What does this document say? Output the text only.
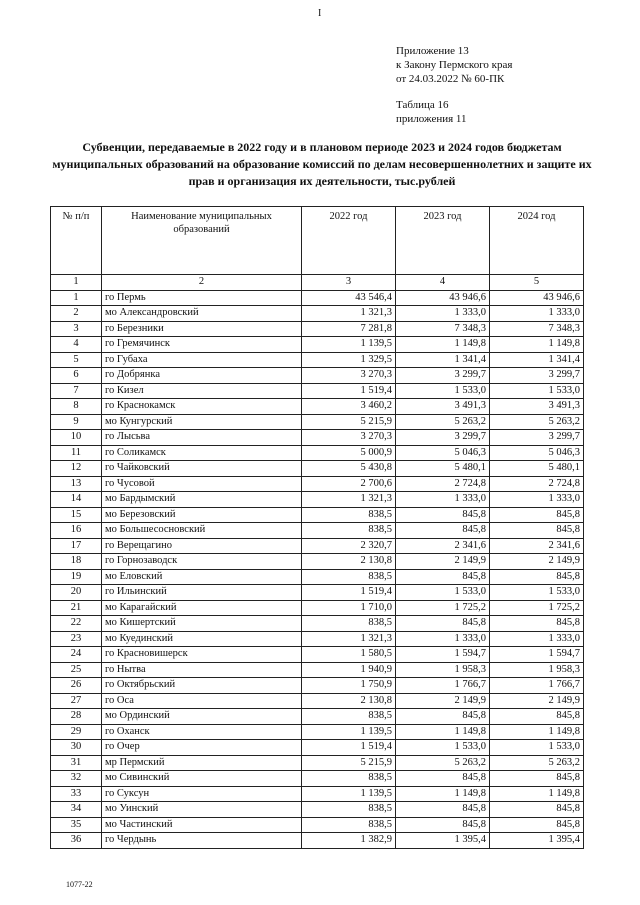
I
Приложение 13
к Закону Пермского края
от 24.03.2022 № 60-ПК
Таблица 16
приложения 11
Субвенции, передаваемые в 2022 году и в плановом периоде 2023 и 2024 годов бюджетам муниципальных образований на образование комиссий по делам несовершеннолетних и защите их прав и организация их деятельности, тыс.рублей
№ п/п	Наименование муниципальных образований	2022 год	2023 год	2024 год
1	2	3	4	5
1	го Пермь	43 546,4	43 946,6	43 946,6
2	мо Александровский	1 321,3	1 333,0	1 333,0
3	го Березники	7 281,8	7 348,3	7 348,3
4	го Гремячинск	1 139,5	1 149,8	1 149,8
5	го Губаха	1 329,5	1 341,4	1 341,4
6	го Добрянка	3 270,3	3 299,7	3 299,7
7	го Кизел	1 519,4	1 533,0	1 533,0
8	го Краснокамск	3 460,2	3 491,3	3 491,3
9	мо Кунгурский	5 215,9	5 263,2	5 263,2
10	го Лысьва	3 270,3	3 299,7	3 299,7
11	го Соликамск	5 000,9	5 046,3	5 046,3
12	го Чайковский	5 430,8	5 480,1	5 480,1
13	го Чусовой	2 700,6	2 724,8	2 724,8
14	мо Бардымский	1 321,3	1 333,0	1 333,0
15	мо Березовский	838,5	845,8	845,8
16	мо Большесосновский	838,5	845,8	845,8
17	го Верещагино	2 320,7	2 341,6	2 341,6
18	го Горнозаводск	2 130,8	2 149,9	2 149,9
19	мо Еловский	838,5	845,8	845,8
20	го Ильинский	1 519,4	1 533,0	1 533,0
21	мо Карагайский	1 710,0	1 725,2	1 725,2
22	мо Кишертский	838,5	845,8	845,8
23	мо Куединский	1 321,3	1 333,0	1 333,0
24	го Красновишерск	1 580,5	1 594,7	1 594,7
25	го Нытва	1 940,9	1 958,3	1 958,3
26	го Октябрьский	1 750,9	1 766,7	1 766,7
27	го Оса	2 130,8	2 149,9	2 149,9
28	мо Ординский	838,5	845,8	845,8
29	го Оханск	1 139,5	1 149,8	1 149,8
30	го Очер	1 519,4	1 533,0	1 533,0
31	мр Пермский	5 215,9	5 263,2	5 263,2
32	мо Сивинский	838,5	845,8	845,8
33	го Суксун	1 139,5	1 149,8	1 149,8
34	мо Уинский	838,5	845,8	845,8
35	мо Частинский	838,5	845,8	845,8
36	го Чердынь	1 382,9	1 395,4	1 395,4
1077-22
